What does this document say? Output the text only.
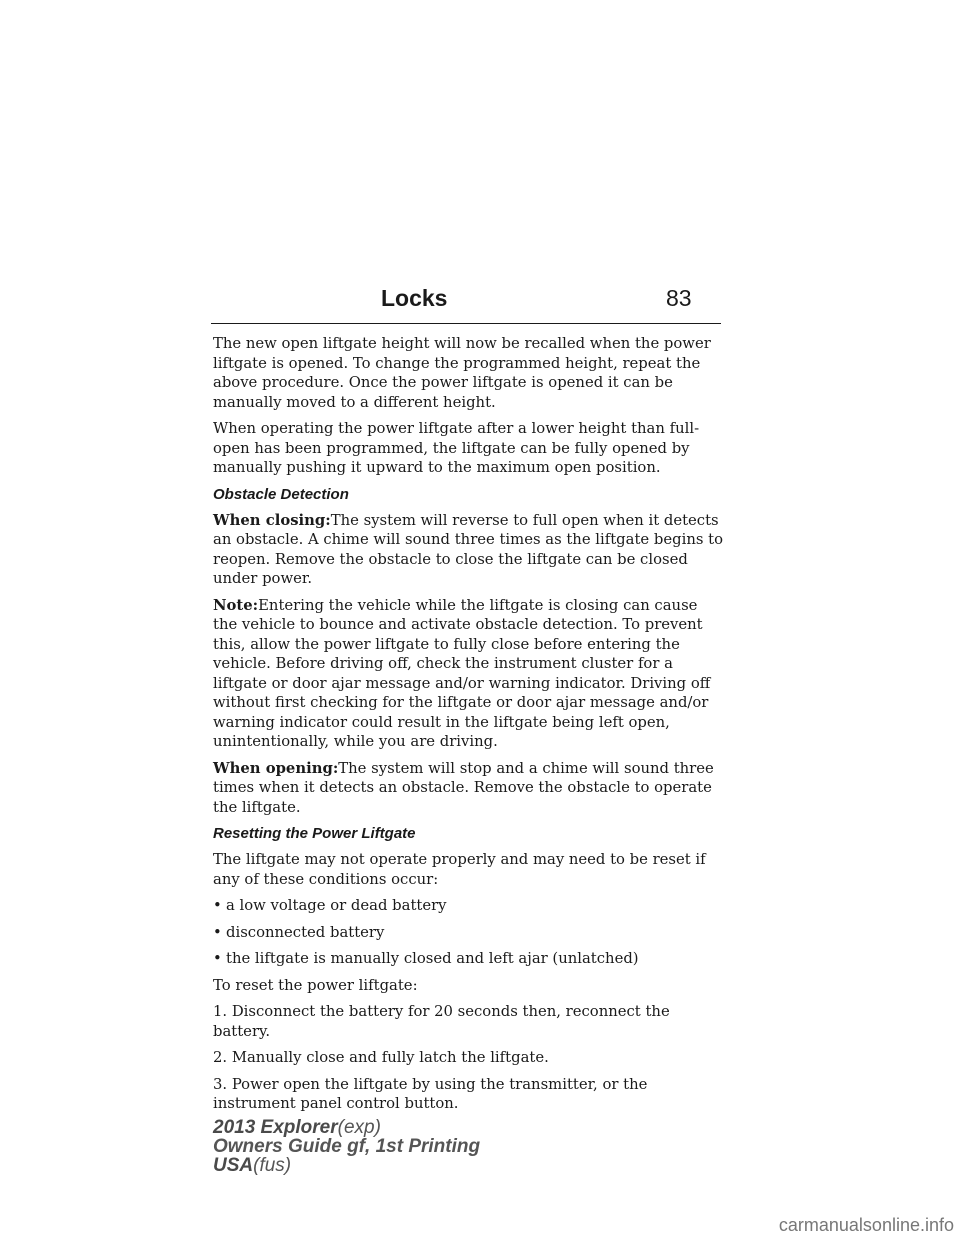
Locks	83

The new open liftgate height will now be recalled when the power liftgate is opened. To change the programmed height, repeat the above procedure. Once the power liftgate is opened it can be manually moved to a different height.

When operating the power liftgate after a lower height than full-open has been programmed, the liftgate can be fully opened by manually pushing it upward to the maximum open position.

Obstacle Detection

When closing:The system will reverse to full open when it detects an obstacle. A chime will sound three times as the liftgate begins to reopen. Remove the obstacle to close the liftgate can be closed under power.

Note:Entering the vehicle while the liftgate is closing can cause the vehicle to bounce and activate obstacle detection. To prevent this, allow the power liftgate to fully close before entering the vehicle. Before driving off, check the instrument cluster for a liftgate or door ajar message and/or warning indicator. Driving off without first checking for the liftgate or door ajar message and/or warning indicator could result in the liftgate being left open, unintentionally, while you are driving.

When opening:The system will stop and a chime will sound three times when it detects an obstacle. Remove the obstacle to operate the liftgate.

Resetting the Power Liftgate

The liftgate may not operate properly and may need to be reset if any of these conditions occur:

• a low voltage or dead battery
• disconnected battery
• the liftgate is manually closed and left ajar (unlatched)

To reset the power liftgate:

1. Disconnect the battery for 20 seconds then, reconnect the battery.

2. Manually close and fully latch the liftgate.

3. Power open the liftgate by using the transmitter, or the instrument panel control button.

2013 Explorer(exp)
Owners Guide gf, 1st Printing
USA(fus)
carmanualsonline.info
